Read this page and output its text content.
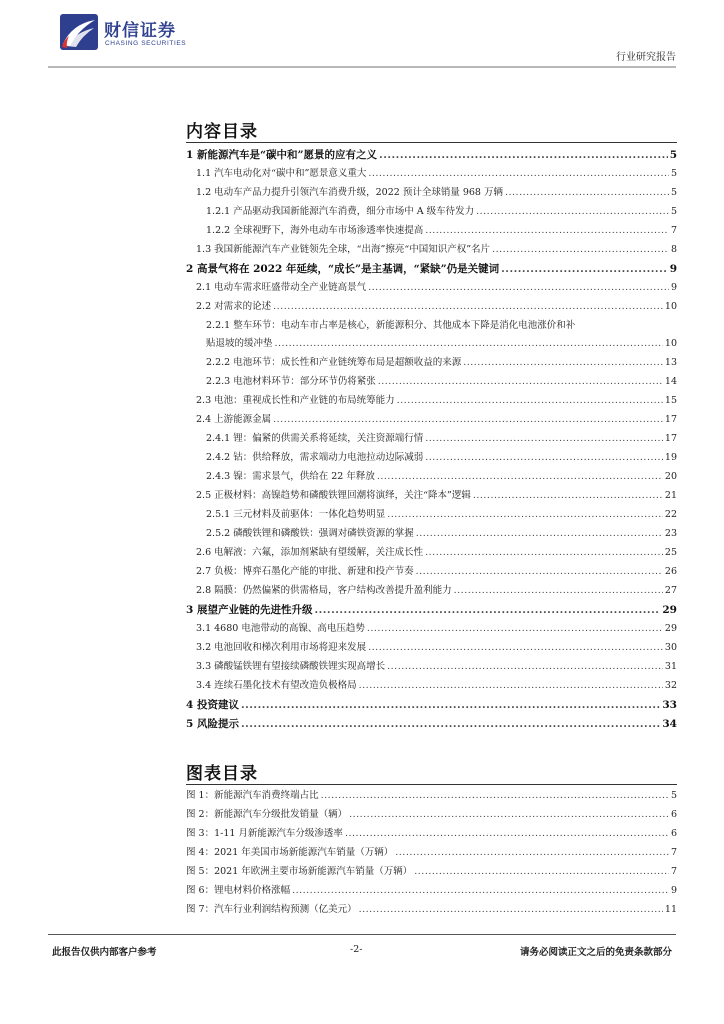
财信证券
CHASING SECURITIES
行业研究报告
内容目录
1 新能源汽车是“碳中和”愿景的应有之义 .....	5
1.1 汽车电动化对“碳中和”愿景意义重大 .....	5
1.2 电动车产品力提升引领汽车消费升级，2022 预计全球销量 968 万辆 .....	5
1.2.1 产品驱动我国新能源汽车消费，细分市场中 A 级车待发力 .....	5
1.2.2 全球视野下，海外电动车市场渗透率快速提高 .....	7
1.3 我国新能源汽车产业链领先全球，“出海”擦亮“中国知识产权”名片 .....	8
2 高景气将在 2022 年延续，“成长”是主基调，“紧缺”仍是关键词 .....	9
2.1 电动车需求旺盛带动全产业链高景气 .....	9
2.2 对需求的论述 .....	10
2.2.1 整车环节：电动车市占率是核心，新能源积分、其他成本下降是消化电池涨价和补
贴退坡的缓冲垫 .....	10
2.2.2 电池环节：成长性和产业链统筹布局是超额收益的来源 .....	13
2.2.3 电池材料环节：部分环节仍将紧张 .....	14
2.3 电池：重视成长性和产业链的布局统筹能力 .....	15
2.4 上游能源金属 .....	17
2.4.1 锂：偏紧的供需关系将延续，关注资源端行情 .....	17
2.4.2 钴：供给释放，需求端动力电池拉动边际减弱 .....	19
2.4.3 镍：需求景气，供给在 22 年释放 .....	20
2.5 正极材料：高镍趋势和磷酸铁锂回潮将演绎，关注“降本”逻辑 .....	21
2.5.1 三元材料及前驱体：一体化趋势明显 .....	22
2.5.2 磷酸铁锂和磷酸铁：强调对磷铁资源的掌握 .....	23
2.6 电解液：六氟，添加剂紧缺有望缓解，关注成长性 .....	25
2.7 负极：博弈石墨化产能的审批、新建和投产节奏 .....	26
2.8 隔膜：仍然偏紧的供需格局，客户结构改善提升盈利能力 .....	27
3 展望产业链的先进性升级 .....	29
3.1 4680 电池带动的高镍、高电压趋势 .....	29
3.2 电池回收和梯次利用市场将迎来发展 .....	30
3.3 磷酸锰铁锂有望接续磷酸铁锂实现高增长 .....	31
3.4 连续石墨化技术有望改造负极格局 .....	32
4 投资建议 .....	33
5 风险提示 .....	34
图表目录
图 1：新能源汽车消费终端占比 .....	5
图 2：新能源汽车分级批发销量（辆） .....	6
图 3：1-11 月新能源汽车分级渗透率 .....	6
图 4：2021 年美国市场新能源汽车销量（万辆） .....	7
图 5：2021 年欧洲主要市场新能源汽车销量（万辆） .....	7
图 6：锂电材料价格涨幅 .....	9
图 7：汽车行业利润结构预测（亿美元） .....	11
此报告仅供内部客户参考	-2-	请务必阅读正文之后的免责条款部分
